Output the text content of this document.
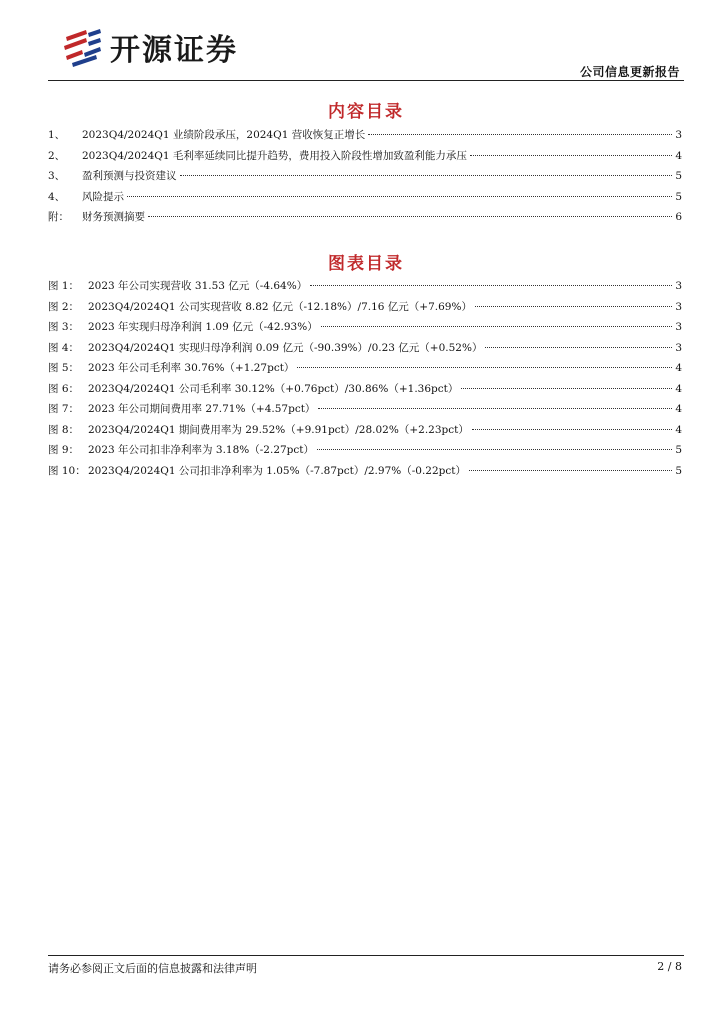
开源证券
公司信息更新报告
内容目录
1、	2023Q4/2024Q1 业绩阶段承压，2024Q1 营收恢复正增长	3
2、	2023Q4/2024Q1 毛利率延续同比提升趋势，费用投入阶段性增加致盈利能力承压	4
3、	盈利预测与投资建议	5
4、	风险提示	5
附：	财务预测摘要	6
图表目录
图 1： 2023 年公司实现营收 31.53 亿元（-4.64%）	3
图 2： 2023Q4/2024Q1 公司实现营收 8.82 亿元（-12.18%）/7.16 亿元（+7.69%）	3
图 3： 2023 年实现归母净利润 1.09 亿元（-42.93%）	3
图 4： 2023Q4/2024Q1 实现归母净利润 0.09 亿元（-90.39%）/0.23 亿元（+0.52%）	3
图 5： 2023 年公司毛利率 30.76%（+1.27pct）	4
图 6： 2023Q4/2024Q1 公司毛利率 30.12%（+0.76pct）/30.86%（+1.36pct）	4
图 7： 2023 年公司期间费用率 27.71%（+4.57pct）	4
图 8： 2023Q4/2024Q1 期间费用率为 29.52%（+9.91pct）/28.02%（+2.23pct）	4
图 9： 2023 年公司扣非净利率为 3.18%（-2.27pct）	5
图 10： 2023Q4/2024Q1 公司扣非净利率为 1.05%（-7.87pct）/2.97%（-0.22pct）	5
请务必参阅正文后面的信息披露和法律声明	2 / 8
